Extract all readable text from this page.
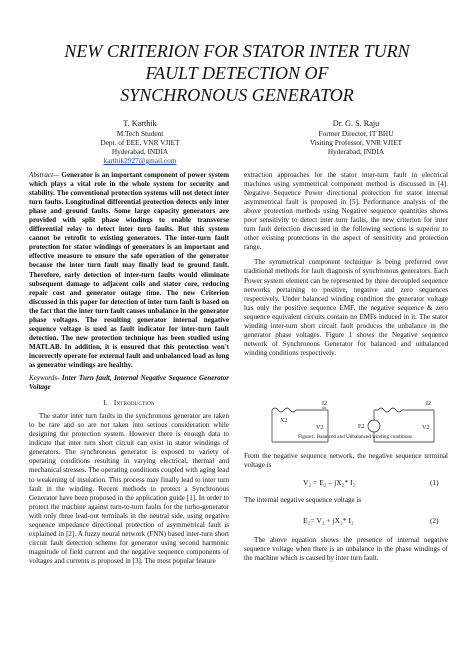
NEW CRITERION FOR STATOR INTER TURN
FAULT DETECTION OF
SYNCHRONOUS GENERATOR
T. Karthik
M.Tech Student
Dept. of EEE, VNR VJIET
Hyderabad, INDIA
karthik2927@gmail.com
Dr. G. S. Raju
Former Director, IT BHU
Visiting Professor, VNR VJIET
Hyderabad, INDIA

Abstract— Generator is an important component of power system which plays a vital role in the whole system for security and stability. The conventional protection systems will not detect inter turn faults. Longitudinal differential protection detects only inter phase and ground faults. Some large capacity generators are provided with split phase windings to enable transverse differential relay to detect inter turn faults. But this system cannot be retrofit to existing generators. The inter-turn fault protection for stator windings of generators is an important and effective measure to ensure the safe operation of the generator because the inter turn fault may finally lead to ground fault. Therefore, early detection of inter-turn faults would eliminate subsequent damage to adjacent coils and stator core, reducing repair cost and generator outage time. The new Criterion discussed in this paper for detection of inter turn fault is based on the fact that the inter turn fault causes unbalance in the generator phase voltages. The resulting generator internal negative sequence voltage is used as fault indicator for inter-turn fault detection. The new protection technique has been studied using MATLAB. In addition, it is ensured that this protection won't incorrectly operate for external fault and unbalanced load as long as generator windings are healthy.

Keywords- Inter Turn fault, Internal Negative Sequence Generator Voltage

I. Introduction

The stator inter turn faults in the synchronous generator are taken to be rare and so are not taken into serious consideration while designing the protection system. However there is enough data to indicate that inter turn short circuit can exist in stator windings of generators. The synchronous generator is exposed to variety of operating conditions resulting in varying electrical, thermal and mechanical stresses. The operating conditions coupled with aging lead to weakening of insulation. This process may finally lead to inter turn fault in the winding. Recent methods to protect a Synchronous Generator have been proposed in the application guide [1]. In order to protect the machine against turn-to-turn faults for the turbo-generator with only three lead-out terminals in the neutral side, using negative sequence impedance directional protection of asymmetrical fault is explained in [2]. A fuzzy neural network (FNN) based inter-turn short circuit fault detection scheme for generator using second harmonic magnitude of field current and the negative sequence components of voltages and currents is proposed in [3]. The most popular feature

extraction approaches for the stator inter-turn fault in electrical machines using symmetrical component method is discussed in [4]. Negative Sequence Power directional protection for stator internal asymmetrical fault is proposed in [5]. Performance analysis of the above protection methods using Negative sequence quantities shows poor sensitivity to detect inter turn faults, the new criterion for inter turn fault detection discussed in the following sections is superior to other existing protections in the aspect of sensitivity and protection range.

The symmetrical component technique is being preferred over traditional methods for fault diagnosis of synchronous generators. Each Power system element can be represented by three decoupled sequence networks pertaining to positive, negative and zero sequences respectively. Under balanced winding condition the generator voltage has only the positive sequence EMF, the negative sequence & zero sequence equivalent circuits contain no EMFs induced in it. The stator winding inter-turn short circuit fault produces the unbalance in the generator phase voltages. Figure 1 shows the Negative sequence network of Synchronous Generator for balanced and unbalanced winding conditions respectively.

X2
I2
V2	E2
I2
V2
Figure1. Balanced and Unbalanced winding conditions

From the negative sequence network, the negative sequence terminal voltage is

V₂ = E₂ – jX₂* I₂	(1)

The internal negative sequence voltage is

E₂= V₂ + jX₂* I₂	(2)

The above equation shows the presence of internal negative sequence voltage when there is an unbalance in the phase windings of the machine which is caused by inter turn fault.
